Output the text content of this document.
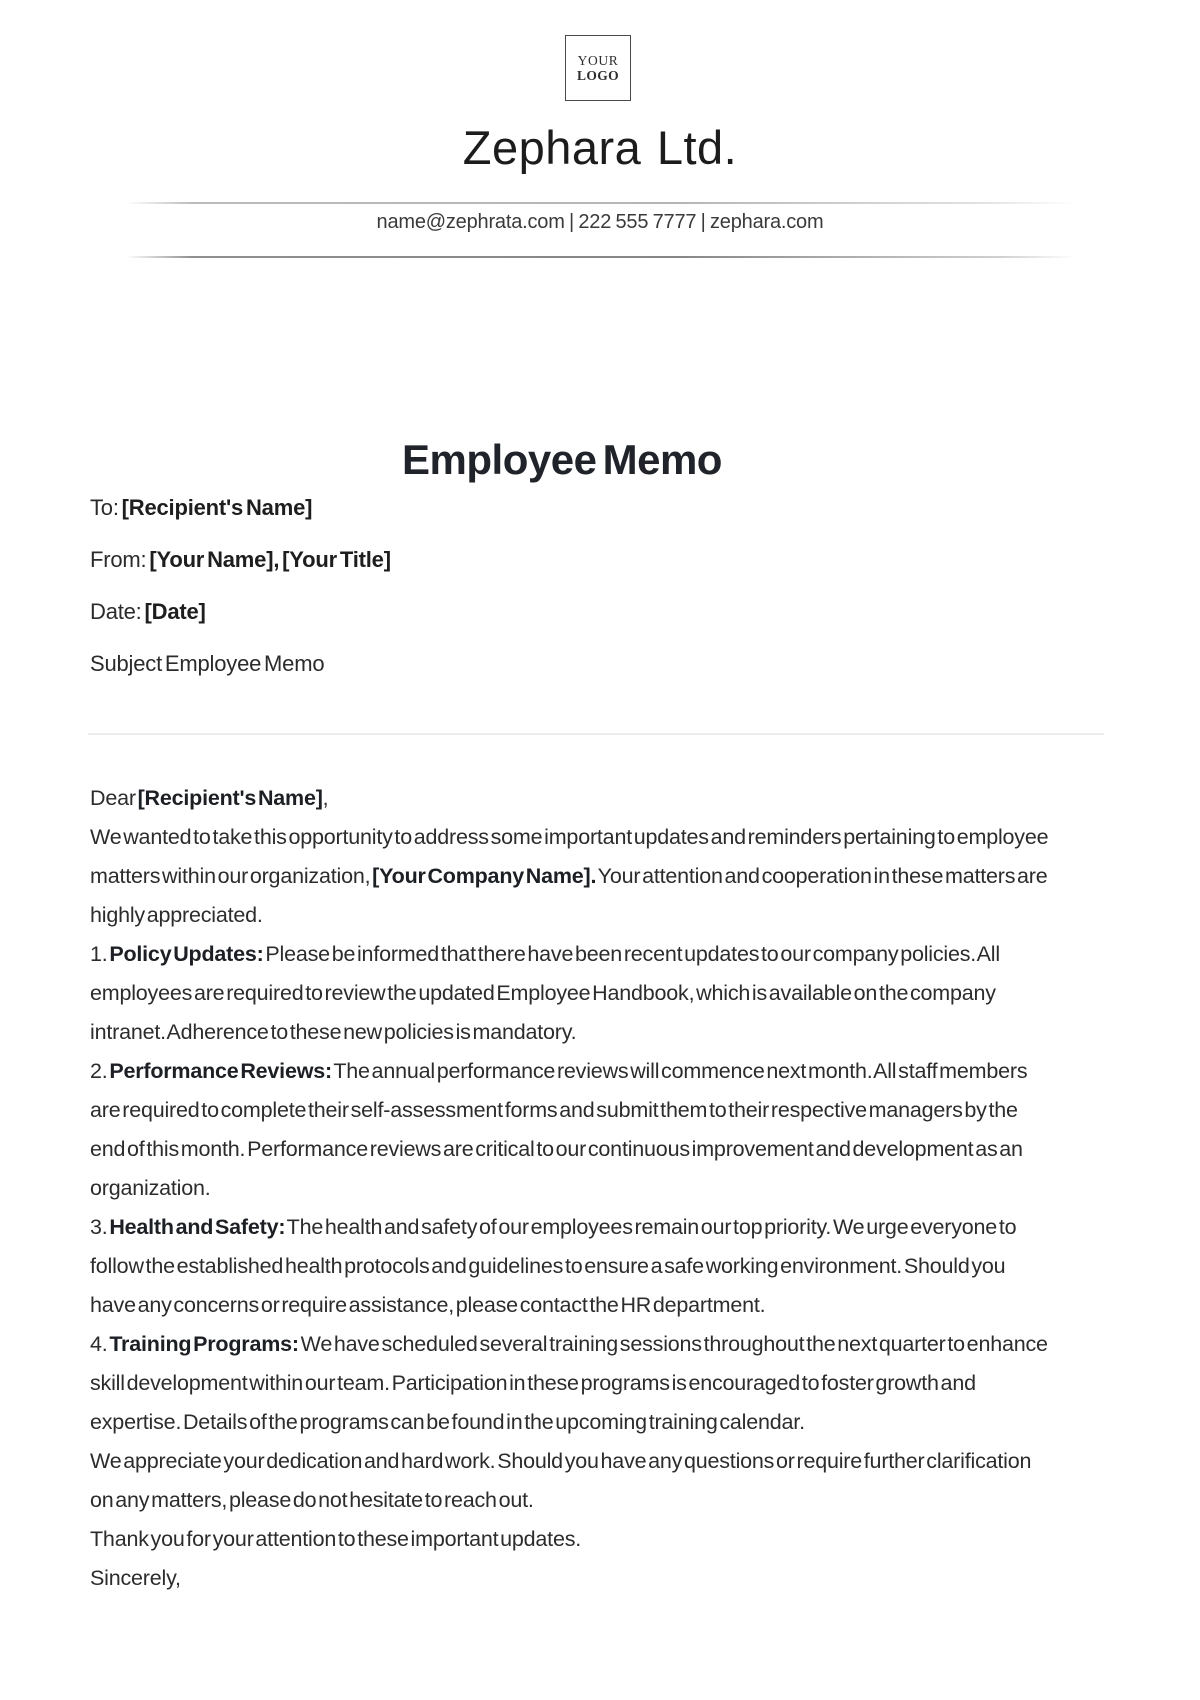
YOUR
LOGO
Zephara Ltd.
name@zephrata.com | 222 555 7777 | zephara.com
Employee Memo
To: [Recipient's Name]
From: [Your Name], [Your Title]
Date: [Date]
Subject Employee Memo

Dear [Recipient's Name],

We wanted to take this opportunity to address some important updates and reminders pertaining to employee matters within our organization, [Your Company Name]. Your attention and cooperation in these matters are highly appreciated.

1. Policy Updates: Please be informed that there have been recent updates to our company policies. All employees are required to review the updated Employee Handbook, which is available on the company intranet. Adherence to these new policies is mandatory.

2. Performance Reviews: The annual performance reviews will commence next month. All staff members are required to complete their self-assessment forms and submit them to their respective managers by the end of this month. Performance reviews are critical to our continuous improvement and development as an organization.

3. Health and Safety: The health and safety of our employees remain our top priority. We urge everyone to follow the established health protocols and guidelines to ensure a safe working environment. Should you have any concerns or require assistance, please contact the HR department.

4. Training Programs: We have scheduled several training sessions throughout the next quarter to enhance skill development within our team. Participation in these programs is encouraged to foster growth and expertise. Details of the programs can be found in the upcoming training calendar.

We appreciate your dedication and hard work. Should you have any questions or require further clarification on any matters, please do not hesitate to reach out.

Thank you for your attention to these important updates.

Sincerely,
